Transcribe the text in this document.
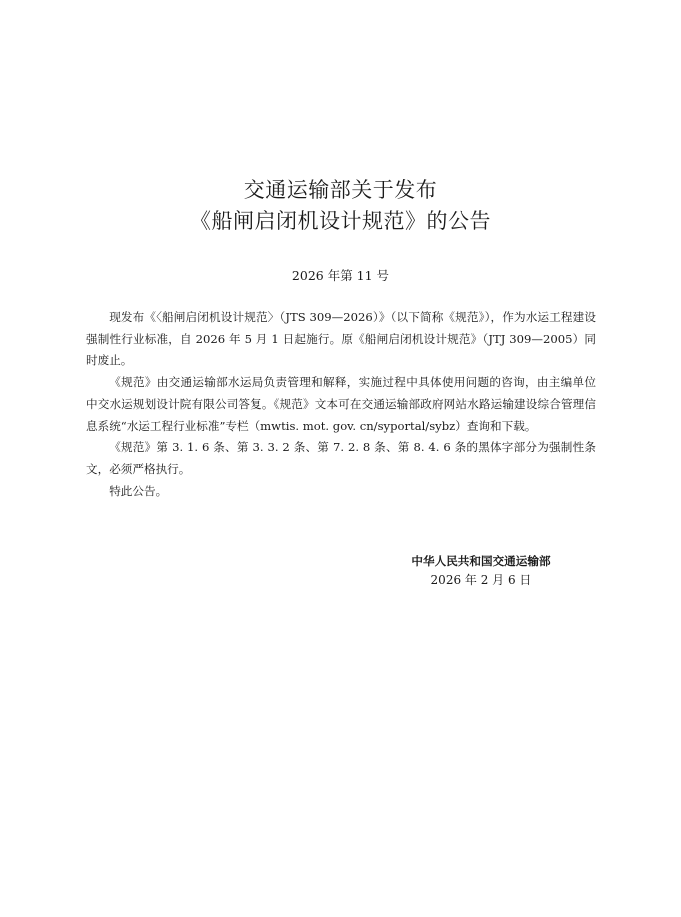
交通运输部关于发布
《船闸启闭机设计规范》的公告
2026 年第 11 号

现发布《〈船闸启闭机设计规范〉（JTS 309—2026）》（以下简称《规范》），作为水运工程建设强制性行业标准，自 2026 年 5 月 1 日起施行。原《船闸启闭机设计规范》（JTJ 309—2005）同时废止。

《规范》由交通运输部水运局负责管理和解释，实施过程中具体使用问题的咨询，由主编单位中交水运规划设计院有限公司答复。《规范》文本可在交通运输部政府网站水路运输建设综合管理信息系统“水运工程行业标准”专栏（mwtis. mot. gov. cn/syportal/sybz）查询和下载。

《规范》第 3. 1. 6 条、第 3. 3. 2 条、第 7. 2. 8 条、第 8. 4. 6 条的黑体字部分为强制性条文，必须严格执行。

特此公告。

中华人民共和国交通运输部
2026 年 2 月 6 日
